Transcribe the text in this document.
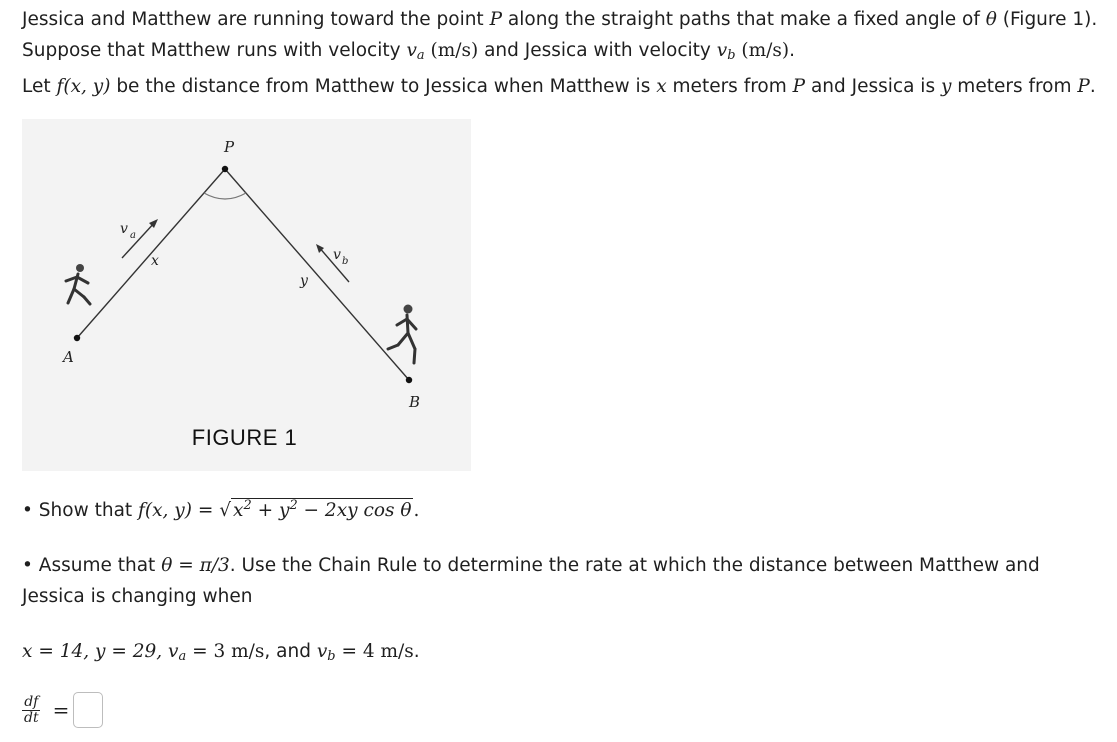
Jessica and Matthew are running toward the point P along the straight paths that make a fixed angle of θ (Figure 1).

Suppose that Matthew runs with velocity $v_a$ (m/s) and Jessica with velocity $v_b$ (m/s).

Let f(x, y) be the distance from Matthew to Jessica when Matthew is x meters from P and Jessica is y meters from P.

P
A
B
x
y
v a
v b
FIGURE 1
• Show that f(x, y) = √ $x^2 + y^2 - 2xy$ cos θ .

• Assume that θ = π/3. Use the Chain Rule to determine the rate at which the distance between Matthew and Jessica is changing when

x = 14, y = 29, $v_a = 3$ m/s, and $v_b = 4$ m/s.
$\frac{df}{dt}$ =
